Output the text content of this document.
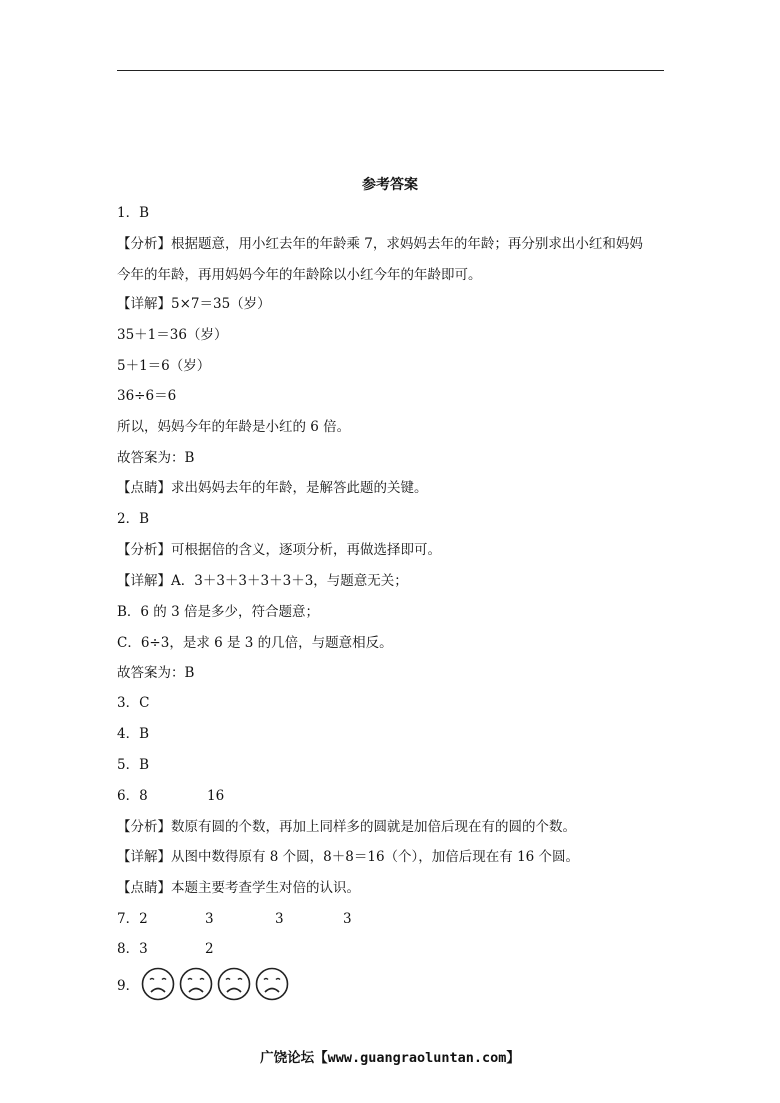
参考答案
1．B
【分析】根据题意，用小红去年的年龄乘 7，求妈妈去年的年龄；再分别求出小红和妈妈
今年的年龄，再用妈妈今年的年龄除以小红今年的年龄即可。
【详解】5×7＝35（岁）
35＋1＝36（岁）
5＋1＝6（岁）
36÷6＝6
所以，妈妈今年的年龄是小红的 6 倍。
故答案为：B
【点睛】求出妈妈去年的年龄，是解答此题的关键。
2．B
【分析】可根据倍的含义，逐项分析，再做选择即可。
【详解】A．3＋3＋3＋3＋3＋3，与题意无关；
B．6 的 3 倍是多少，符合题意；
C．6÷3，是求 6 是 3 的几倍，与题意相反。
故答案为：B
3．C
4．B
5．B
6．8	16
【分析】数原有圆的个数，再加上同样多的圆就是加倍后现在有的圆的个数。
【详解】从图中数得原有 8 个圆，8＋8＝16（个），加倍后现在有 16 个圆。
【点睛】本题主要考查学生对倍的认识。
7．2	3	3	3
8．3	2
9．
广饶论坛【www.guangraoluntan.com】
